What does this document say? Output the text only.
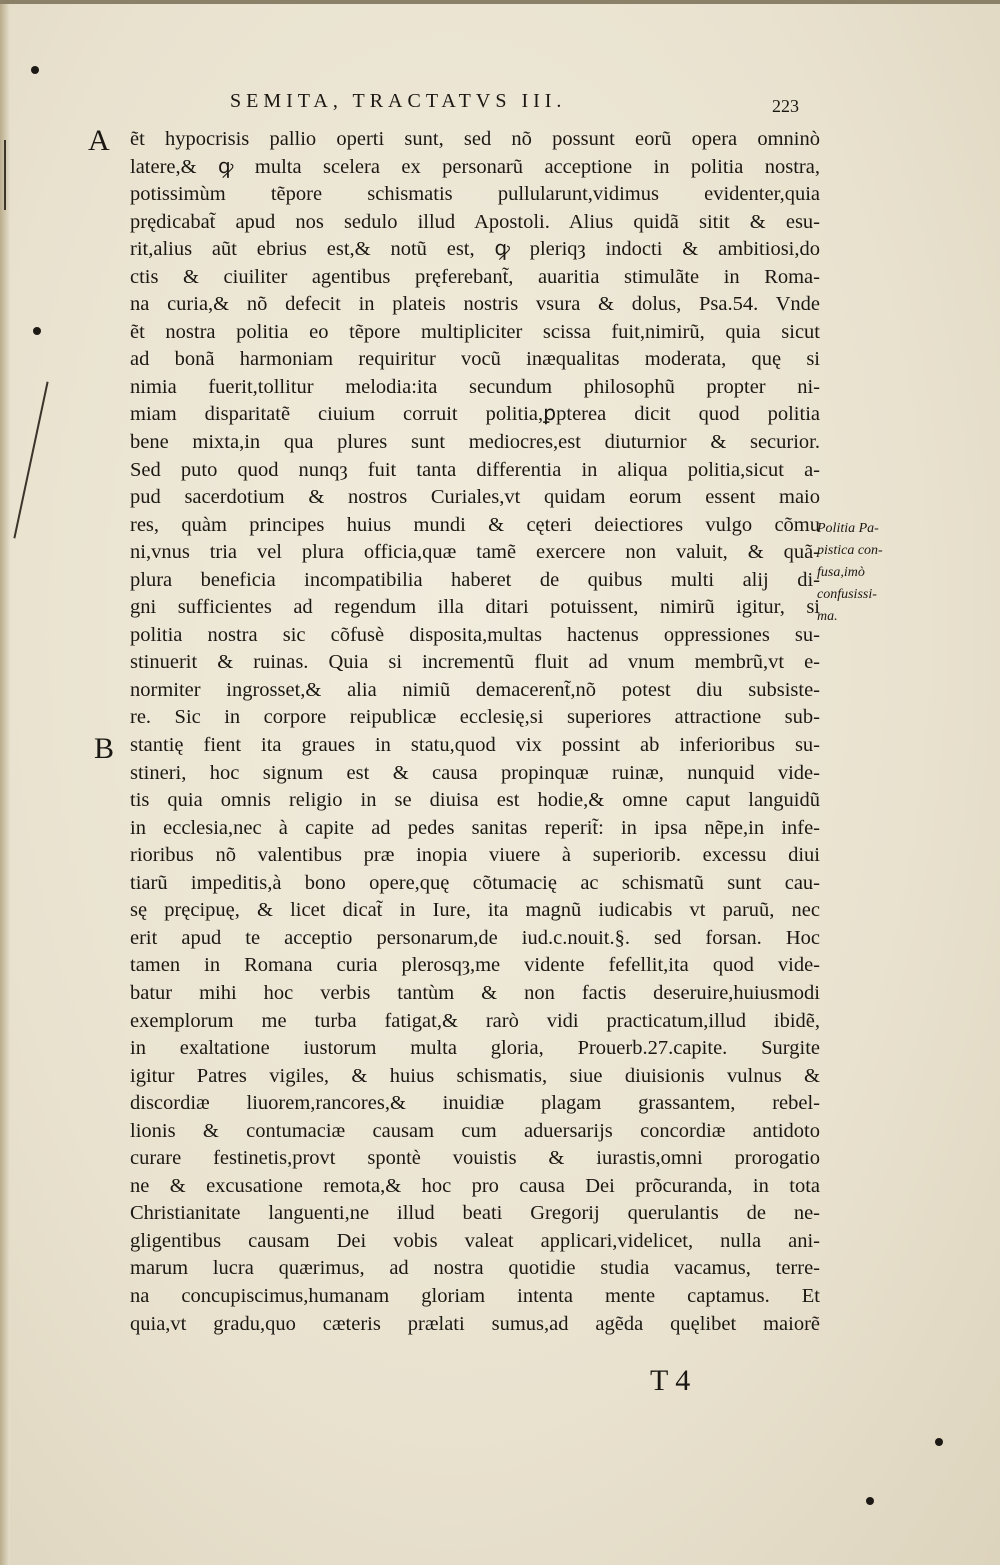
SEMITA, TRACTATVS III.	223
A
B
ẽt hypocrisis pallio operti sunt, sed nõ possunt eorũ opera omninò
latere,& ꝙ multa scelera ex personarũ acceptione in politia nostra,
potissimùm tẽpore schismatis pullularunt,vidimus evidenter,quia
prędicabat̃ apud nos sedulo illud Apostoli. Alius quidã sitit & esu-
rit,alius aũt ebrius est,& notũ est, ꝙ pleriqȝ indocti & ambitiosi,do
ctis & ciuiliter agentibus pręferebant̃, auaritia stimulãte in Roma-
na curia,& nõ defecit in plateis nostris vsura & dolus, Psa.54. Vnde
ẽt nostra politia eo tẽpore multipliciter scissa fuit,nimirũ, quia sicut
ad bonã harmoniam requiritur vocũ inæqualitas moderata, quę si
nimia fuerit,tollitur melodia:ita secundum philosophũ propter ni-
miam disparitatẽ ciuium corruit politia,ꝑpterea dicit quod politia
bene mixta,in qua plures sunt mediocres,est diuturnior & securior.
Sed puto quod nunqȝ fuit tanta differentia in aliqua politia,sicut a-
pud sacerdotium & nostros Curiales,vt quidam eorum essent maio
res, quàm principes huius mundi & cęteri deiectiores vulgo cõmu
ni,vnus tria vel plura officia,quæ tamẽ exercere non valuit, & quã-
plura beneficia incompatibilia haberet de quibus multi alij di-
gni sufficientes ad regendum illa ditari potuissent, nimirũ igitur, si
politia nostra sic cõfusè disposita,multas hactenus oppressiones su-
stinuerit & ruinas. Quia si incrementũ fluit ad vnum membrũ,vt e-
normiter ingrosset,& alia nimiũ demacerent̃,nõ potest diu subsiste-
re. Sic in corpore reipublicæ ecclesię,si superiores attractione sub-
stantię fient ita graues in statu,quod vix possint ab inferioribus su-
stineri, hoc signum est & causa propinquæ ruinæ, nunquid vide-
tis quia omnis religio in se diuisa est hodie,& omne caput languidũ
in ecclesia,nec à capite ad pedes sanitas reperit̃: in ipsa nẽpe,in infe-
rioribus nõ valentibus præ inopia viuere à superiorib. excessu diui
tiarũ impeditis,à bono opere,quę cõtumacię ac schismatũ sunt cau-
sę pręcipuę, & licet dicat̃ in Iure, ita magnũ iudicabis vt paruũ, nec
erit apud te acceptio personarum,de iud.c.nouit.§. sed forsan. Hoc
tamen in Romana curia plerosqȝ,me vidente fefellit,ita quod vide-
batur mihi hoc verbis tantùm & non factis deseruire,huiusmodi
exemplorum me turba fatigat,& rarò vidi practicatum,illud ibidẽ,
in exaltatione iustorum multa gloria, Prouerb.27.capite. Surgite
igitur Patres vigiles, & huius schismatis, siue diuisionis vulnus &
discordiæ liuorem,rancores,& inuidiæ plagam grassantem, rebel-
lionis & contumaciæ causam cum aduersarijs concordiæ antidoto
curare festinetis,provt spontè vouistis & iurastis,omni prorogatio
ne & excusatione remota,& hoc pro causa Dei prõcuranda, in tota
Christianitate languenti,ne illud beati Gregorij querulantis de ne-
gligentibus causam Dei vobis valeat applicari,videlicet, nulla ani-
marum lucra quærimus, ad nostra quotidie studia vacamus, terre-
na concupiscimus,humanam gloriam intenta mente captamus. Et
quia,vt gradu,quo cæteris prælati sumus,ad agẽda quęlibet maiorẽ
Politia Pa-
pistica con-
fusa,imò
confusissi-
ma.
T 4
